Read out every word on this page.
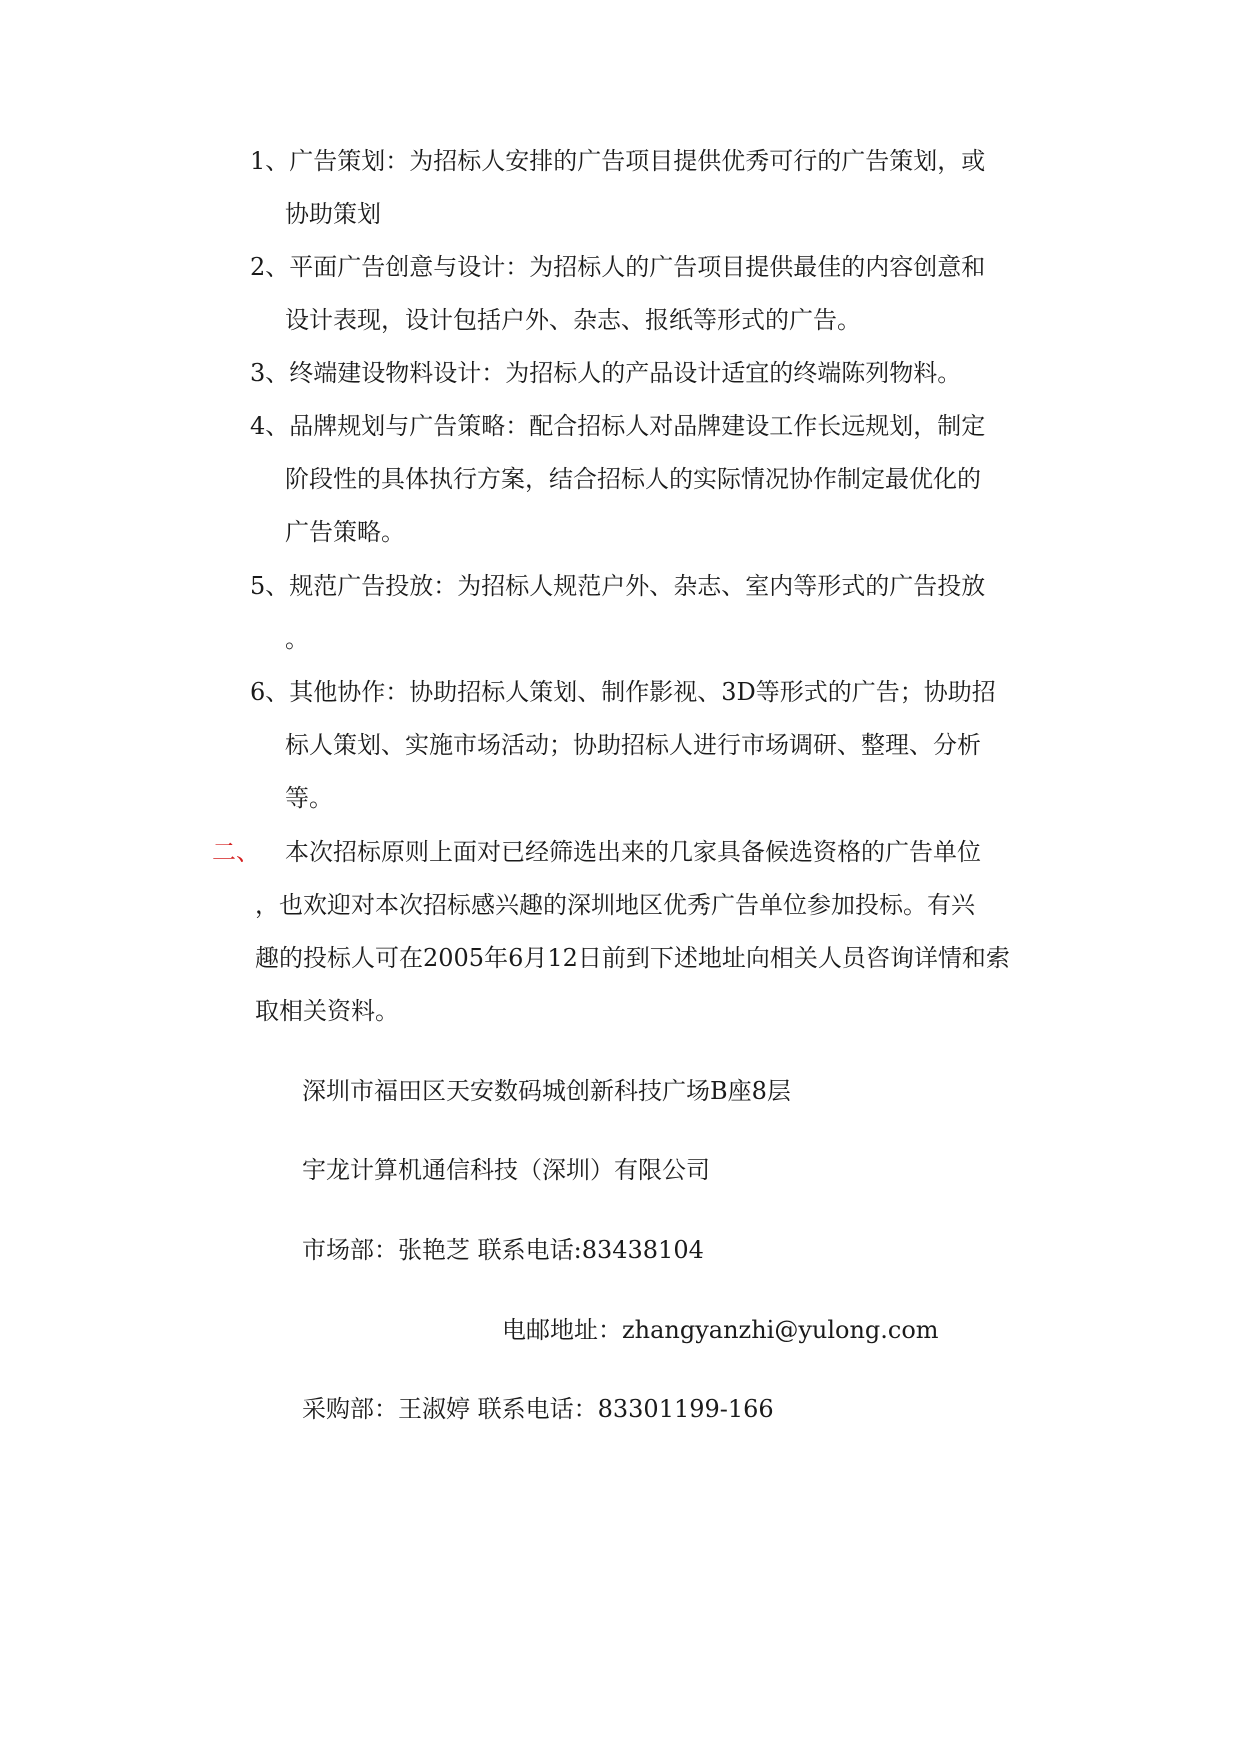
1、广告策划：为招标人安排的广告项目提供优秀可行的广告策划，或
协助策划
2、平面广告创意与设计：为招标人的广告项目提供最佳的内容创意和
设计表现，设计包括户外、杂志、报纸等形式的广告。
3、终端建设物料设计：为招标人的产品设计适宜的终端陈列物料。
4、品牌规划与广告策略：配合招标人对品牌建设工作长远规划，制定
阶段性的具体执行方案，结合招标人的实际情况协作制定最优化的
广告策略。
5、规范广告投放：为招标人规范户外、杂志、室内等形式的广告投放
。
6、其他协作：协助招标人策划、制作影视、3D等形式的广告；协助招
标人策划、实施市场活动；协助招标人进行市场调研、整理、分析
等。
二、 本次招标原则上面对已经筛选出来的几家具备候选资格的广告单位
，也欢迎对本次招标感兴趣的深圳地区优秀广告单位参加投标。有兴
趣的投标人可在2005年6月12日前到下述地址向相关人员咨询详情和索
取相关资料。
深圳市福田区天安数码城创新科技广场B座8层
宇龙计算机通信科技（深圳）有限公司
市场部：张艳芝 联系电话:83438104
电邮地址：zhangyanzhi@yulong.com
采购部：王淑婷 联系电话：83301199-166
